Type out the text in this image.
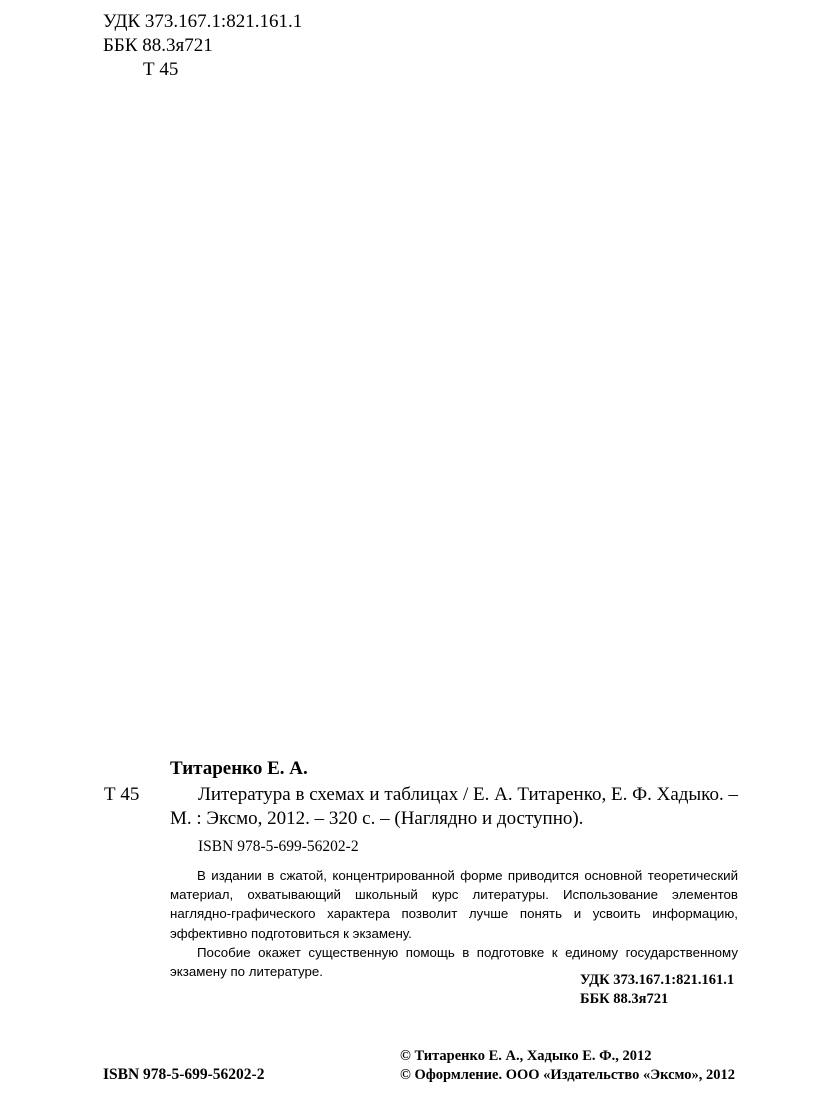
УДК 373.167.1:821.161.1
ББК 88.3я721
Т 45
Титаренко Е. А.
Т 45	Литература в схемах и таблицах / Е. А. Титаренко, Е. Ф. Хадыко. –
М. : Эксмо, 2012. – 320 с. – (Наглядно и доступно).
ISBN 978-5-699-56202-2

В издании в сжатой, концентрированной форме приводится основной теоретический материал, охватывающий школьный курс литературы. Использование элементов наглядно-графического характера позволит лучше понять и усвоить информацию, эффективно подготовиться к экзамену.

Пособие окажет существенную помощь в подготовке к единому государственному экзамену по литературе.

УДК 373.167.1:821.161.1
ББК 88.3я721
ISBN 978-5-699-56202-2
© Титаренко Е. А., Хадыко Е. Ф., 2012
© Оформление. ООО «Издательство «Эксмо», 2012
